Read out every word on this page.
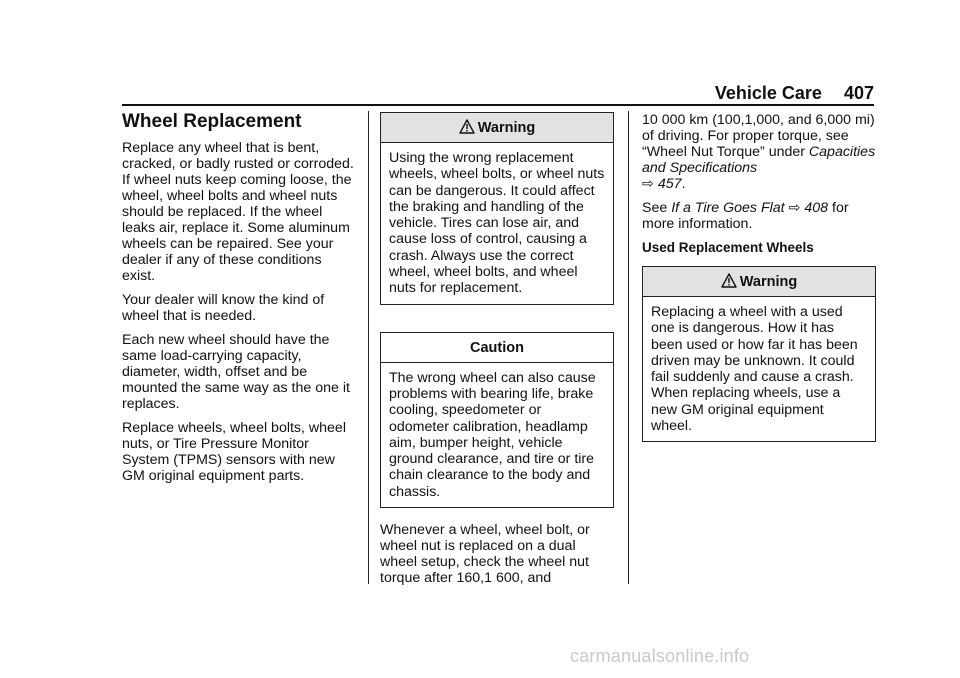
Vehicle Care 407
Wheel Replacement

Replace any wheel that is bent, cracked, or badly rusted or corroded. If wheel nuts keep coming loose, the wheel, wheel bolts and wheel nuts should be replaced. If the wheel leaks air, replace it. Some aluminum wheels can be repaired. See your dealer if any of these conditions exist.

Your dealer will know the kind of wheel that is needed.

Each new wheel should have the same load-carrying capacity, diameter, width, offset and be mounted the same way as the one it replaces.

Replace wheels, wheel bolts, wheel nuts, or Tire Pressure Monitor System (TPMS) sensors with new GM original equipment parts.

Warning
Using the wrong replacement wheels, wheel bolts, or wheel nuts can be dangerous. It could affect the braking and handling of the vehicle. Tires can lose air, and cause loss of control, causing a crash. Always use the correct wheel, wheel bolts, and wheel nuts for replacement.
Caution
The wrong wheel can also cause problems with bearing life, brake cooling, speedometer or odometer calibration, headlamp aim, bumper height, vehicle ground clearance, and tire or tire chain clearance to the body and chassis.

Whenever a wheel, wheel bolt, or wheel nut is replaced on a dual wheel setup, check the wheel nut torque after 160,1 600, and

10 000 km (100,1,000, and 6,000 mi) of driving. For proper torque, see “Wheel Nut Torque” under Capacities and Specifications
⇨ 457.

See If a Tire Goes Flat ⇨ 408 for more information.

Used Replacement Wheels

Warning
Replacing a wheel with a used one is dangerous. How it has been used or how far it has been driven may be unknown. It could fail suddenly and cause a crash. When replacing wheels, use a new GM original equipment wheel.
carmanualsonline.info
